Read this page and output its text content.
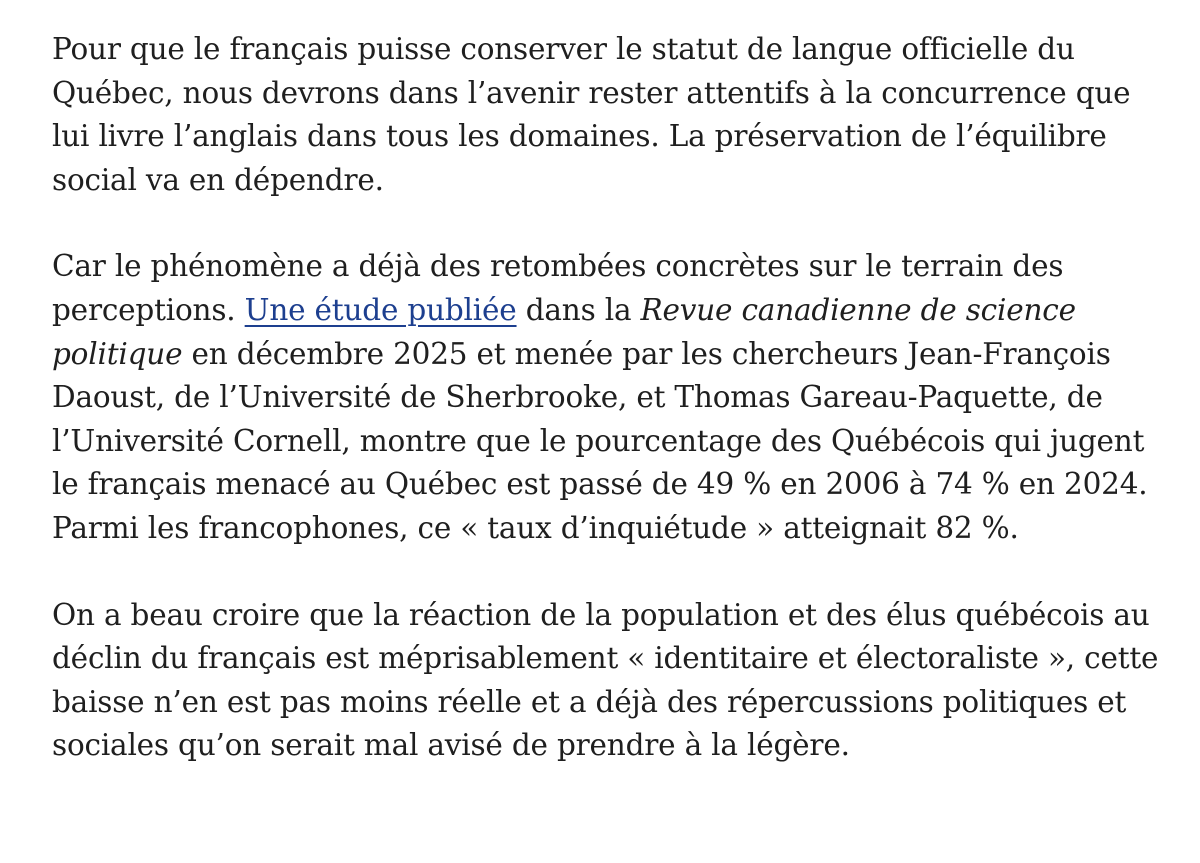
Pour que le français puisse conserver le statut de langue officielle du Québec, nous devrons dans l’avenir rester attentifs à la concurrence que lui livre l’anglais dans tous les domaines. La préservation de l’équilibre social va en dépendre.

Car le phénomène a déjà des retombées concrètes sur le terrain des perceptions. Une étude publiée dans la Revue canadienne de science politique en décembre 2025 et menée par les chercheurs Jean-François Daoust, de l’Université de Sherbrooke, et Thomas Gareau-Paquette, de l’Université Cornell, montre que le pourcentage des Québécois qui jugent le français menacé au Québec est passé de 49 % en 2006 à 74 % en 2024. Parmi les francophones, ce « taux d’inquiétude » atteignait 82 %.

On a beau croire que la réaction de la population et des élus québécois au déclin du français est méprisablement « identitaire et électoraliste », cette baisse n’en est pas moins réelle et a déjà des répercussions politiques et sociales qu’on serait mal avisé de prendre à la légère.
